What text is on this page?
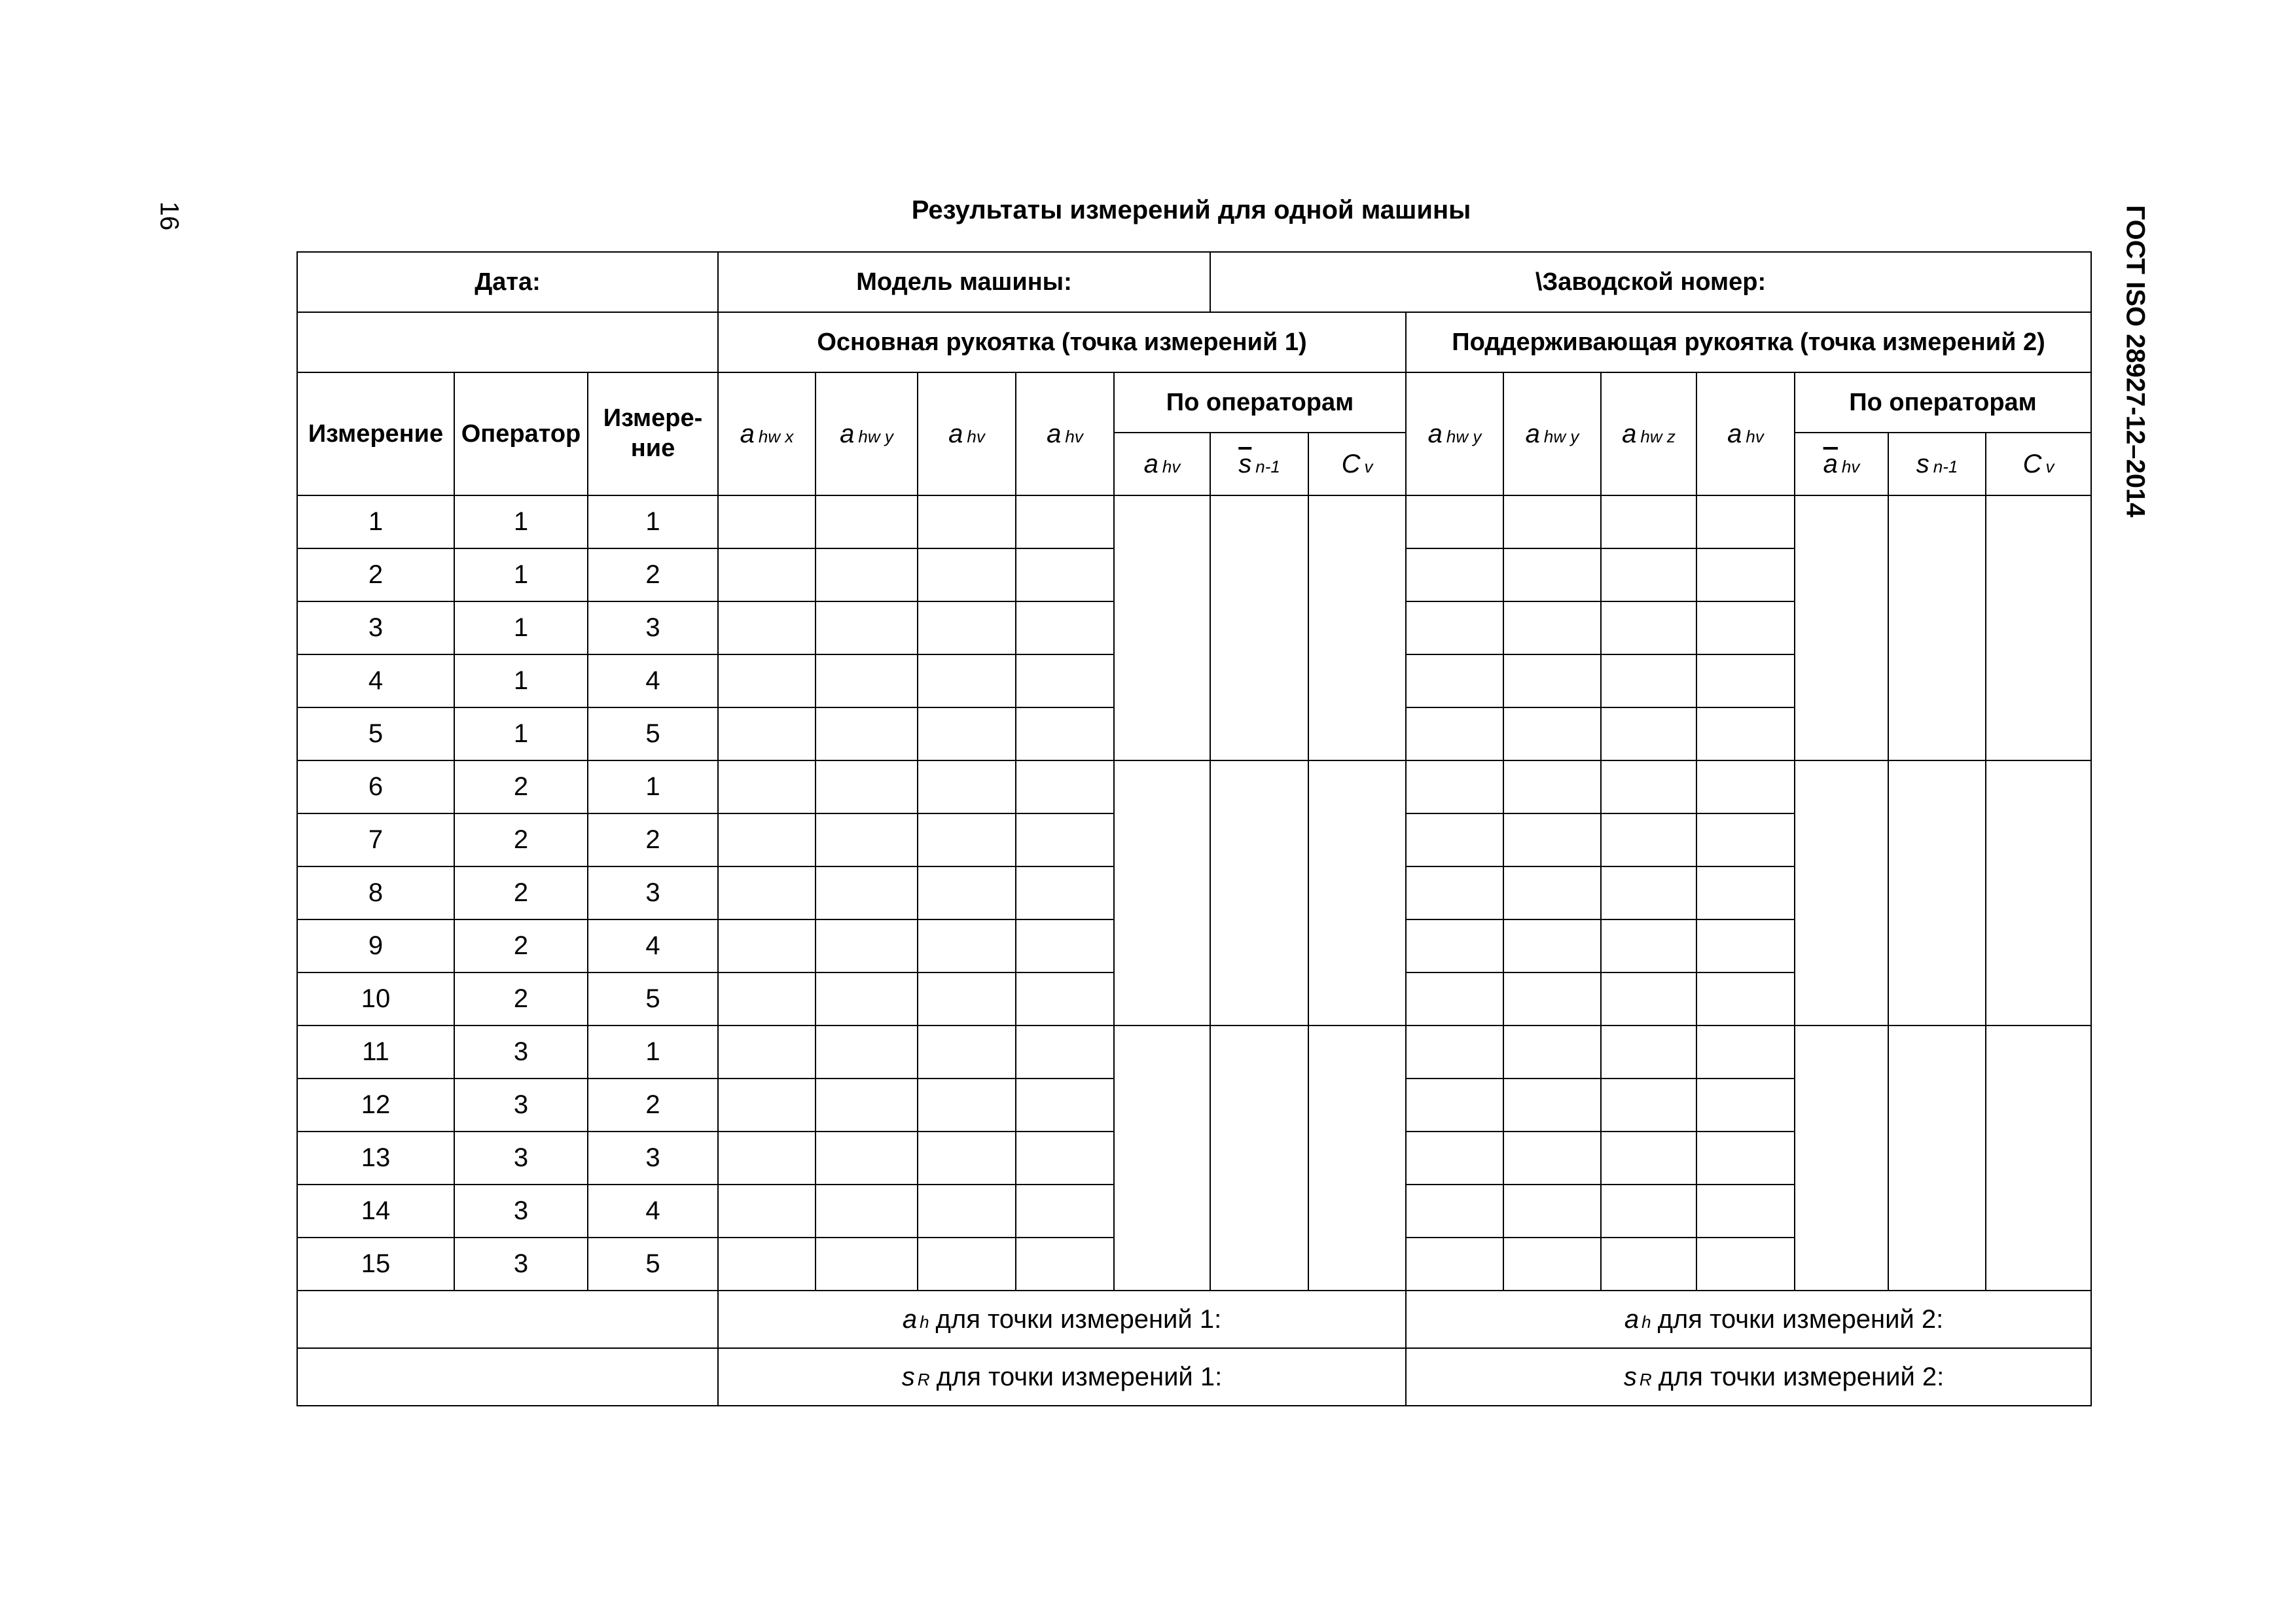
16	ГОСТ ISO 28927-12–2014
Результаты измерений для одной машины
Дата:			Модель машины:					\Заводской номер:								
			Основная рукоятка (точка измерений 1)							Поддерживающая рукоятка (точка измерений 2)						
Измерение	Оператор	Измере-ние	a hw x	a hw y	a hv	a hv	По операторам			a hw y	a hw y	a hw z	a hv	По операторам		
							a hv	$\overline{s}$ n-1	C v					$\overline{a}$ hv	s n-1	C v
1	1	1														
2	1	2														
3	1	3														
4	1	4														
5	1	5														
6	2	1														
7	2	2														
8	2	3														
9	2	4														
10	2	5														
11	3	1														
12	3	2														
13	3	3														
14	3	4														
15	3	5														
			a h для точки измерений 1:							a h для точки измерений 2:						
			s R для точки измерений 1:							s R для точки измерений 2:						
